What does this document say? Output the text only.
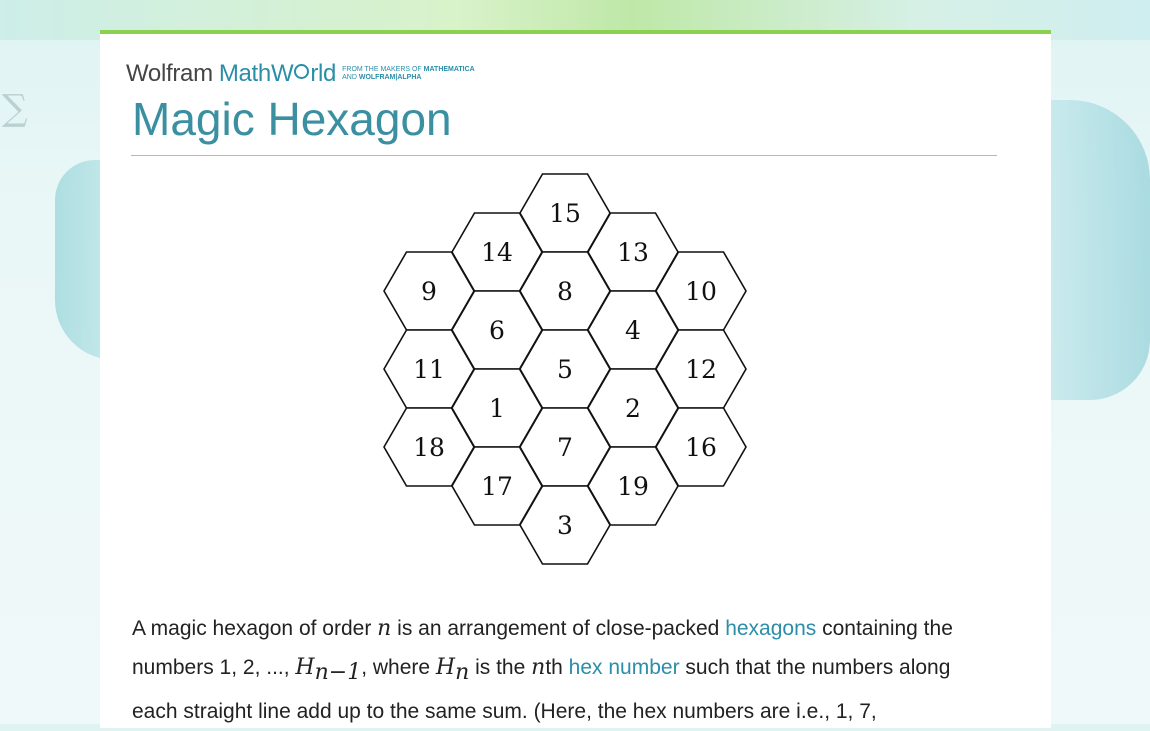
∑
Wolfram MathW rld FROM THE MAKERS OF MATHEMATICA
AND WOLFRAM|ALPHA
Magic Hexagon
15
14	13
9	8	10
6	4
11	5	12
1	2
18	7	16
17	19
3
A magic hexagon of order n is an arrangement of close-packed hexagons containing the numbers 1, 2, ..., $H_{n-1}$, where $H_n$ is the nth hex number such that the numbers along each straight line add up to the same sum. (Here, the hex numbers are i.e., 1, 7,
